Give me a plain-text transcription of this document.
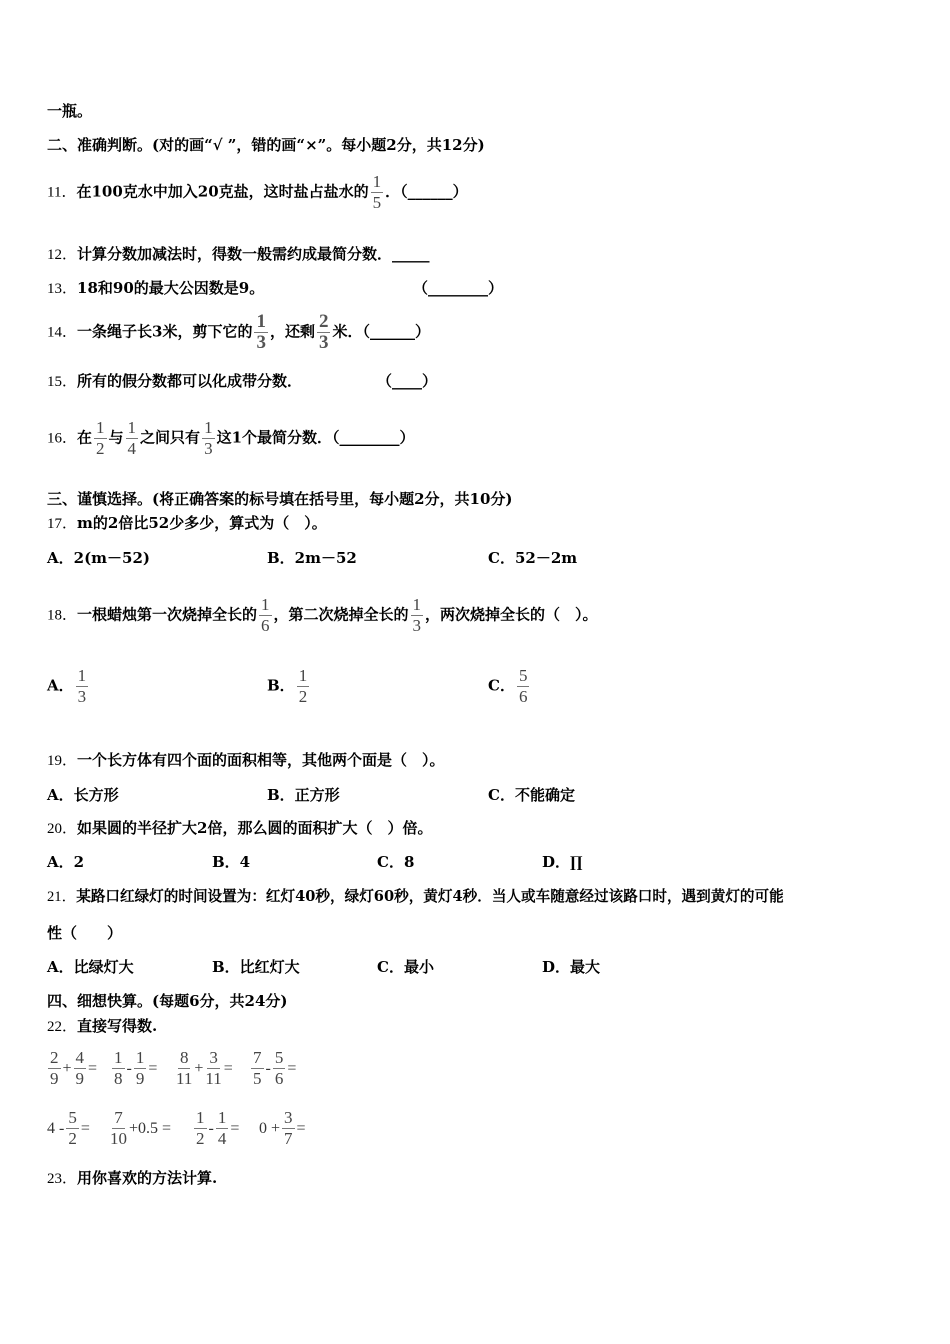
一瓶。
二、准确判断。(对的画“√ ”，错的画“×”。每小题2分，共12分)
11．在100克水中加入20克盐，这时盐占盐水的 $\frac{1}{5}$ ．（______）
12．计算分数加减法时，得数一般需约成最简分数．_____
13．18和90的最大公因数是9。	（________）
14．一条绳子长3米，剪下它的 $\frac{1}{3}$ ，还剩 $\frac{2}{3}$ 米．（______）
15．所有的假分数都可以化成带分数．	（____）
16．在 $\frac{1}{2}$ 与 $\frac{1}{4}$ 之间只有 $\frac{1}{3}$ 这1个最简分数．（________）
三、谨慎选择。(将正确答案的标号填在括号里，每小题2分，共10分)
17．m的2倍比52少多少，算式为（　）。
A．2(m－52)	B．2m－52	C．52－2m
18．一根蜡烛第一次烧掉全长的 $\frac{1}{6}$ ，第二次烧掉全长的 $\frac{1}{3}$ ，两次烧掉全长的（　）。
A． $\frac{1}{3}$	B． $\frac{1}{2}$	C． $\frac{5}{6}$
19．一个长方体有四个面的面积相等，其他两个面是（　）。
A．长方形	B．正方形	C．不能确定
20．如果圆的半径扩大2倍，那么圆的面积扩大（　）倍。
A．2	B．4	C．8	D．∏
21．某路口红绿灯的时间设置为：红灯40秒，绿灯60秒，黄灯4秒．当人或车随意经过该路口时，遇到黄灯的可能
性（　　）
A．比绿灯大	B．比红灯大	C．最小	D．最大
四、细想快算。(每题6分，共24分)
22．直接写得数.
$\frac{2}{9} + \frac{4}{9} = \frac{1}{8} - \frac{1}{9} = \frac{8}{11} + \frac{3}{11} = \frac{7}{5} - \frac{5}{6}$ =
$4 - \frac{5}{2} = \frac{7}{10} +0.5 = \frac{1}{2} - \frac{1}{4} = 0 + \frac{3}{7}$ =
23．用你喜欢的方法计算.
